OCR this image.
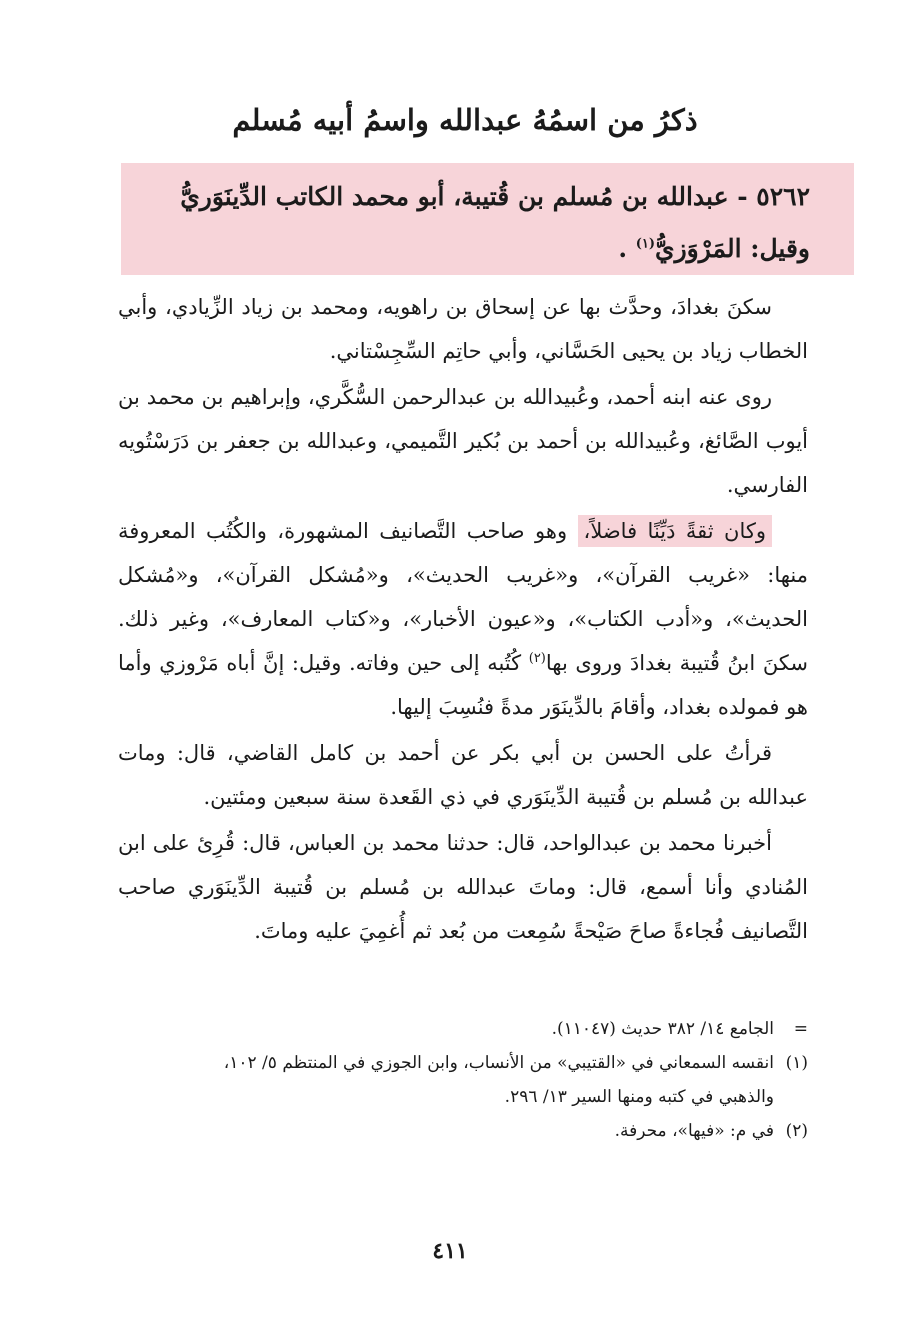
ذكرُ من اسمُهُ عبدالله واسمُ أبيه مُسلم
٥٢٦٢ - عبدالله بن مُسلم بن قُتيبة، أبو محمد الكاتب الدِّينَوَريُّ
وقيل: المَرْوَزيُّ$^{(١)}$ .

سكنَ بغدادَ، وحدَّث بها عن إسحاق بن راهويه، ومحمد بن زياد الزِّيادي، وأبي الخطاب زياد بن يحيى الحَسَّاني، وأبي حاتِم السِّجِسْتاني.

روى عنه ابنه أحمد، وعُبيدالله بن عبدالرحمن السُّكَّري، وإبراهيم بن محمد بن أيوب الصَّائغ، وعُبيدالله بن أحمد بن بُكير التَّميمي، وعبدالله بن جعفر بن دَرَسْتُويه الفارسي.

وكان ثقةً دَيِّنًا فاضلاً، وهو صاحب التَّصانيف المشهورة، والكُتُب المعروفة منها: «غريب القرآن»، و«غريب الحديث»، و«مُشكل القرآن»، و«مُشكل الحديث»، و«أدب الكتاب»، و«عيون الأخبار»، و«كتاب المعارف»، وغير ذلك. سكنَ ابنُ قُتيبة بغدادَ وروى بها$^{(٢)}$ كُتُبه إلى حين وفاته. وقيل: إنَّ أباه مَرْوزي وأما هو فمولده بغداد، وأقامَ بالدِّينَوَر مدةً فنُسِبَ إليها.

قرأتُ على الحسن بن أبي بكر عن أحمد بن كامل القاضي، قال: ومات عبدالله بن مُسلم بن قُتيبة الدِّينَوَري في ذي القَعدة سنة سبعين ومئتين.

أخبرنا محمد بن عبدالواحد، قال: حدثنا محمد بن العباس، قال: قُرِئ على ابن المُنادي وأنا أسمع، قال: وماتَ عبدالله بن مُسلم بن قُتيبة الدِّينَوَري صاحب التَّصانيف فُجاءةً صاحَ صَيْحةً سُمِعت من بُعد ثم أُغمِيَ عليه وماتَ.

=
الجامع ١٤/ ٣٨٢ حديث (١١٠٤٧).
(١)
انقسه السمعاني في «القتيبي» من الأنساب، وابن الجوزي في المنتظم ٥/ ١٠٢،
والذهبي في كتبه ومنها السير ١٣/ ٢٩٦.
(٢)
في م: «فيها»، محرفة.
٤١١
